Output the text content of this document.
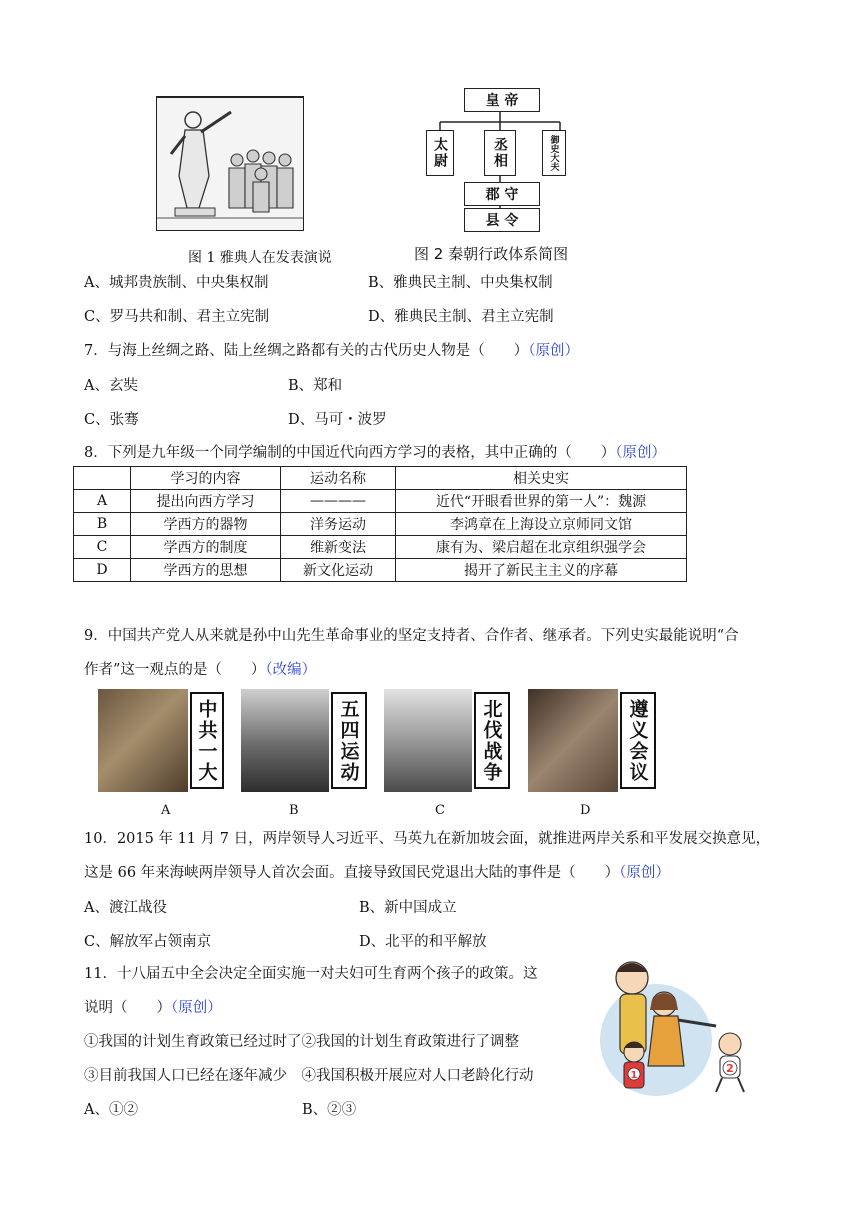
图 1 雅典人在发表演说
皇 帝
太尉	丞相	御史大夫
郡 守
县 令
图 2 秦朝行政体系简图
A、城邦贵族制、中央集权制	B、雅典民主制、中央集权制
C、罗马共和制、君主立宪制	D、雅典民主制、君主立宪制
7．与海上丝绸之路、陆上丝绸之路都有关的古代历史人物是（　　）（原创）
A、玄奘	B、郑和
C、张骞	D、马可・波罗
8．下列是九年级一个同学编制的中国近代向西方学习的表格，其中正确的（　　）（原创）
	学习的内容	运动名称	相关史实
A	提出向西方学习	————	近代“开眼看世界的第一人”：魏源
B	学西方的器物	洋务运动	李鸿章在上海设立京师同文馆
C	学西方的制度	维新变法	康有为、梁启超在北京组织强学会
D	学西方的思想	新文化运动	揭开了新民主主义的序幕
9．中国共产党人从来就是孙中山先生革命事业的坚定支持者、合作者、继承者。下列史实最能说明“合
作者”这一观点的是（　　）（改编）
中共一大	五四运动	北伐战争	遵义会议
A	B	C	D
10．2015 年 11 月 7 日，两岸领导人习近平、马英九在新加坡会面，就推进两岸关系和平发展交换意见，
这是 66 年来海峡两岸领导人首次会面。直接导致国民党退出大陆的事件是（　　）（原创）
A、渡江战役	B、新中国成立
C、解放军占领南京	D、北平的和平解放
11．十八届五中全会决定全面实施一对夫妇可生育两个孩子的政策。这
说明（　　）（原创）
①我国的计划生育政策已经过时了②我国的计划生育政策进行了调整
③目前我国人口已经在逐年减少　④我国积极开展应对人口老龄化行动
A、①②	B、②③
1
2
